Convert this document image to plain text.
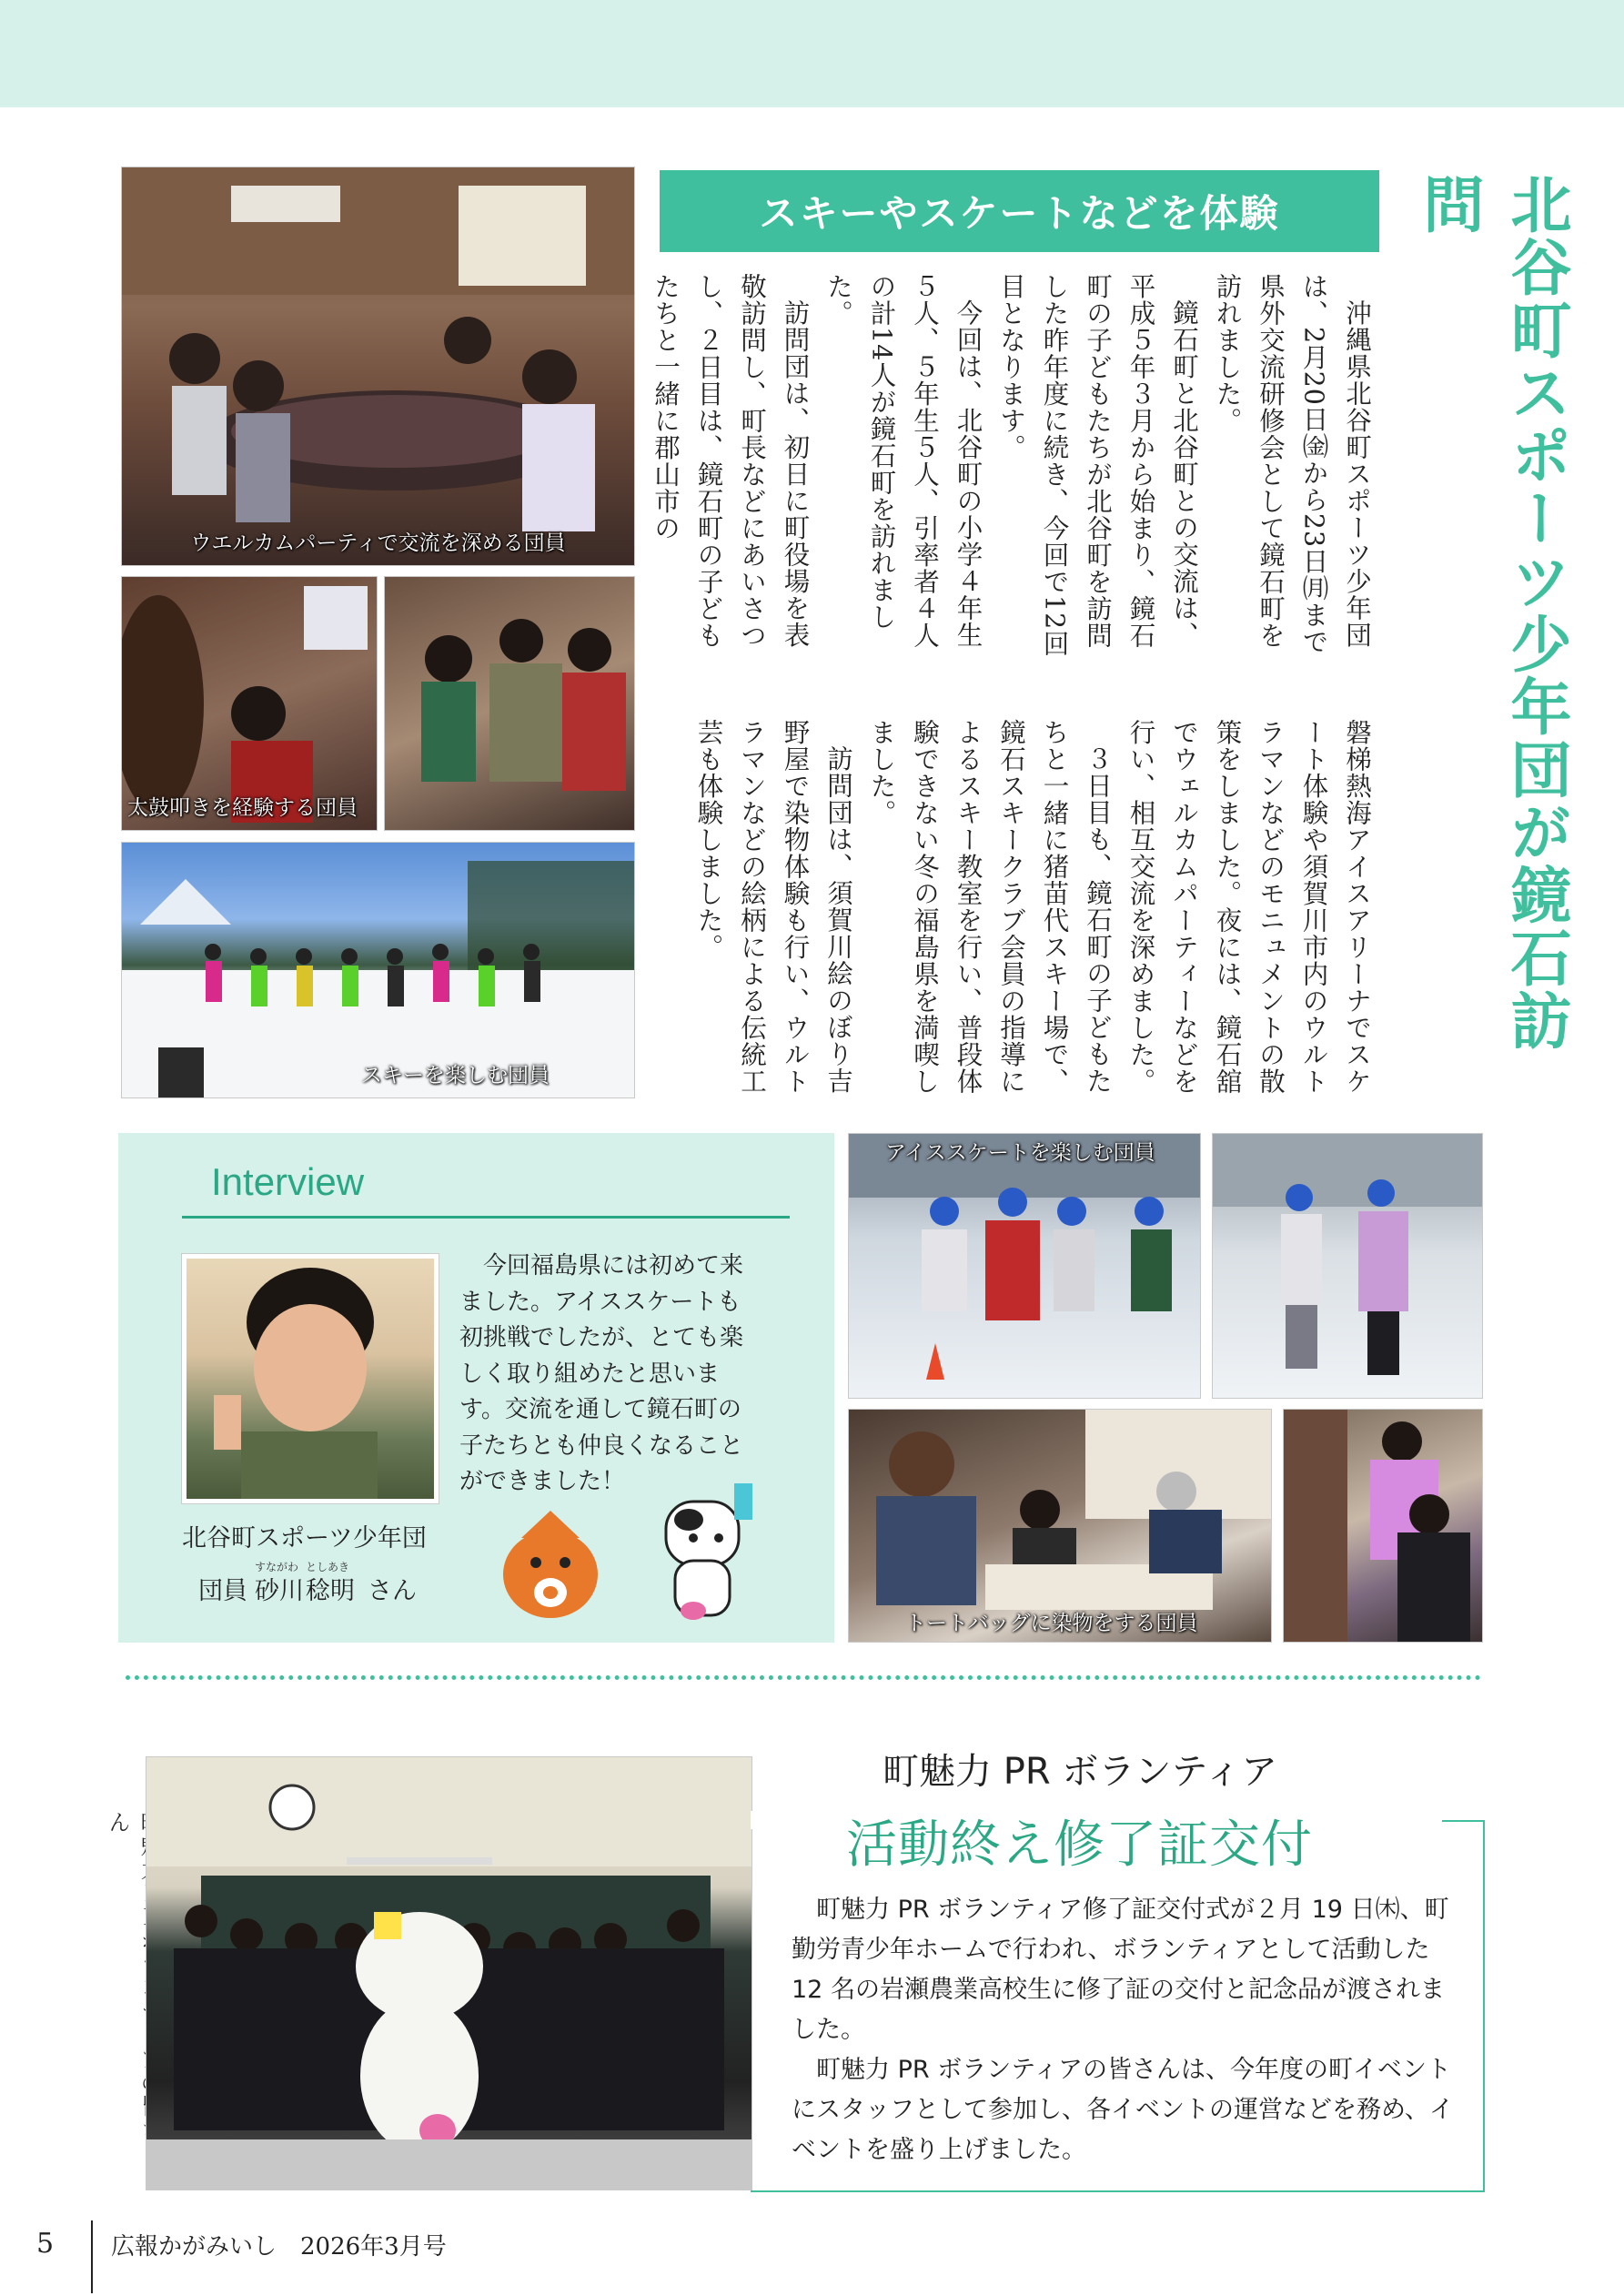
北谷町スポーツ少年団が鏡石訪問
スキーやスケートなどを体験

沖縄県北谷町スポーツ少年団は、2月20日㈮から23日㈪まで県外交流研修会として鏡石町を訪れました。

鏡石町と北谷町との交流は、平成５年３月から始まり、鏡石町の子どもたちが北谷町を訪問した昨年度に続き、今回で12回目となります。

今回は、北谷町の小学４年生５人、５年生５人、引率者４人の計14人が鏡石町を訪れました。

訪問団は、初日に町役場を表敬訪問し、町長などにあいさつし、２日目は、鏡石町の子どもたちと一緒に郡山市の

磐梯熱海アイスアリーナでスケート体験や須賀川市内のウルトラマンなどのモニュメントの散策をしました。夜には、鏡石舘でウェルカムパーティーなどを行い、相互交流を深めました。

３日目も、鏡石町の子どもたちと一緒に猪苗代スキー場で、鏡石スキークラブ会員の指導によるスキー教室を行い、普段体験できない冬の福島県を満喫しました。

訪問団は、須賀川絵のぼり吉野屋で染物体験も行い、ウルトラマンなどの絵柄による伝統工芸も体験しました。

ウエルカムパーティで交流を深める団員
太鼓叩きを経験する団員
スキーを楽しむ団員
Interview
今回福島県には初めて来ました。アイススケートも初挑戦でしたが、とても楽しく取り組めたと思います。交流を通して鏡石町の子たちとも仲良くなることができました！
北谷町スポーツ少年団
すながわ としあき
団員 砂川 稔明 さん
アイススケートを楽しむ団員
トートバッグに染物をする団員
ん
町魅力 PR ボランティア
活動終え修了証交付

町魅力 PR ボランティア修了証交付式が２月 19 日㈭、町勤労青少年ホームで行われ、ボランティアとして活動した 12 名の岩瀬農業高校生に修了証の交付と記念品が渡されました。

町魅力 PR ボランティアの皆さんは、今年度の町イベントにスタッフとして参加し、各イベントの運営などを務め、イベントを盛り上げました。

5 広報かがみいし　2026年3月号
